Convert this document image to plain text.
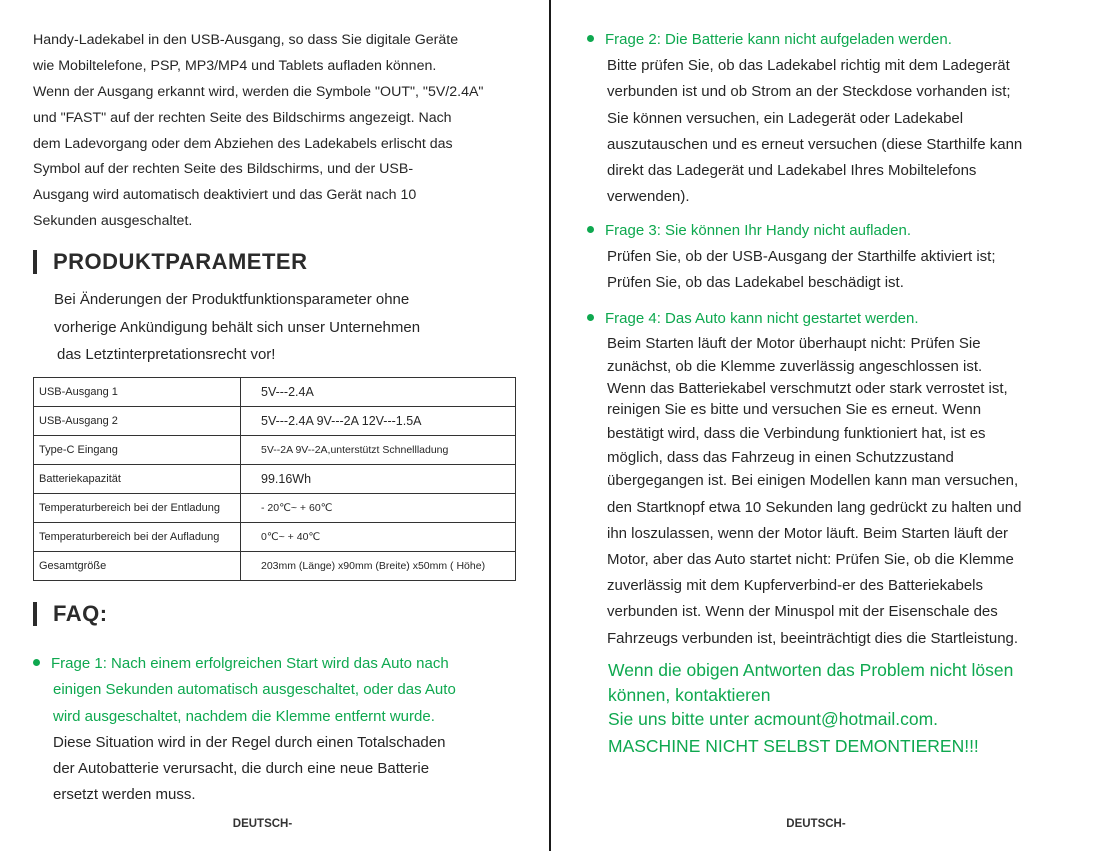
Handy-Ladekabel in den USB-Ausgang, so dass Sie digitale Geräte
wie Mobiltelefone, PSP, MP3/MP4 und Tablets aufladen können.
Wenn der Ausgang erkannt wird, werden die Symbole "OUT", "5V/2.4A"
und "FAST" auf der rechten Seite des Bildschirms angezeigt. Nach
dem Ladevorgang oder dem Abziehen des Ladekabels erlischt das
Symbol auf der rechten Seite des Bildschirms, und der USB-
Ausgang wird automatisch deaktiviert und das Gerät nach 10
Sekunden ausgeschaltet.
PRODUKTPARAMETER
Bei Änderungen der Produktfunktionsparameter ohne
vorherige Ankündigung behält sich unser Unternehmen
das Letztinterpretationsrecht vor!
USB-Ausgang 1	5V---2.4A
USB-Ausgang 2	5V---2.4A 9V---2A 12V---1.5A
Type-C Eingang	5V--2A 9V--2A,unterstützt Schnellladung
Batteriekapazität	99.16Wh
Temperaturbereich bei der Entladung	- 20℃~ + 60℃
Temperaturbereich bei der Aufladung	0℃~ + 40℃
Gesamtgröße	203mm (Länge) x90mm (Breite) x50mm ( Höhe)
FAQ:
Frage 1: Nach einem erfolgreichen Start wird das Auto nach
einigen Sekunden automatisch ausgeschaltet, oder das Auto
wird ausgeschaltet, nachdem die Klemme entfernt wurde.
Diese Situation wird in der Regel durch einen Totalschaden
der Autobatterie verursacht, die durch eine neue Batterie
ersetzt werden muss.
DEUTSCH-
Frage 2: Die Batterie kann nicht aufgeladen werden.
Bitte prüfen Sie, ob das Ladekabel richtig mit dem Ladegerät
verbunden ist und ob Strom an der Steckdose vorhanden ist;
Sie können versuchen, ein Ladegerät oder Ladekabel
auszutauschen und es erneut versuchen (diese Starthilfe kann
direkt das Ladegerät und Ladekabel Ihres Mobiltelefons
verwenden).
Frage 3: Sie können Ihr Handy nicht aufladen.
Prüfen Sie, ob der USB-Ausgang der Starthilfe aktiviert ist;
Prüfen Sie, ob das Ladekabel beschädigt ist.
Frage 4: Das Auto kann nicht gestartet werden.
Beim Starten läuft der Motor überhaupt nicht: Prüfen Sie
zunächst, ob die Klemme zuverlässig angeschlossen ist.
Wenn das Batteriekabel verschmutzt oder stark verrostet ist,
reinigen Sie es bitte und versuchen Sie es erneut. Wenn
bestätigt wird, dass die Verbindung funktioniert hat, ist es
möglich, dass das Fahrzeug in einen Schutzzustand
übergegangen ist. Bei einigen Modellen kann man versuchen,
den Startknopf etwa 10 Sekunden lang gedrückt zu halten und
ihn loszulassen, wenn der Motor läuft. Beim Starten läuft der
Motor, aber das Auto startet nicht: Prüfen Sie, ob die Klemme
zuverlässig mit dem Kupferverbind-er des Batteriekabels
verbunden ist. Wenn der Minuspol mit der Eisenschale des
Fahrzeugs verbunden ist, beeinträchtigt dies die Startleistung.
Wenn die obigen Antworten das Problem nicht lösen
können, kontaktieren
Sie uns bitte unter acmount@hotmail.com.
MASCHINE NICHT SELBST DEMONTIEREN!!!
DEUTSCH-
